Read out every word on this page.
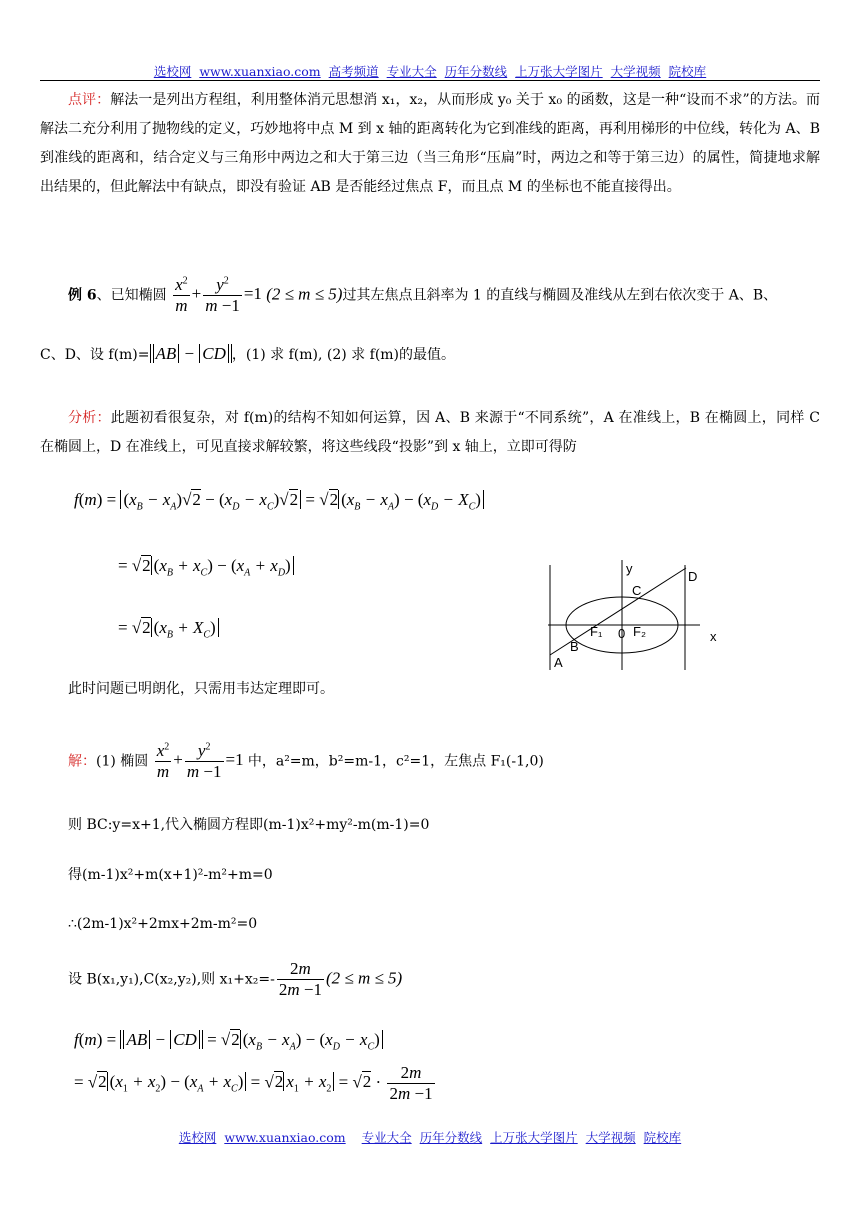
选校网 www.xuanxiao.com 高考频道 专业大全 历年分数线 上万张大学图片 大学视频 院校库
点评：解法一是列出方程组，利用整体消元思想消 x₁，x₂，从而形成 y₀ 关于 x₀ 的函数，这是一种“设而不求”的方法。而解法二充分利用了抛物线的定义，巧妙地将中点 M 到 x 轴的距离转化为它到准线的距离，再利用梯形的中位线，转化为 A、B 到准线的距离和，结合定义与三角形中两边之和大于第三边（当三角形“压扁”时，两边之和等于第三边）的属性，简捷地求解出结果的，但此解法中有缺点，即没有验证 AB 是否能经过焦点 F，而且点 M 的坐标也不能直接得出。
例 6、已知椭圆 $\frac{x^2}{m} + \frac{y^2}{m -1} =1$ (2 ≤ m ≤ 5)过其左焦点且斜率为 1 的直线与椭圆及准线从左到右依次变于 A、B、
C、D、设 f(m)= AB − CD ，(1) 求 f(m), (2) 求 f(m)的最值。
分析：此题初看很复杂，对 f(m)的结构不知如何运算，因 A、B 来源于“不同系统”，A 在准线上，B 在椭圆上，同样 C 在椭圆上，D 在准线上，可见直接求解较繁，将这些线段“投影”到 x 轴上，立即可得防
$f(m) = (x_B - x_A)√2 - (x_D - x_C)√2 = √2$ $(x_B - x_A) - (x_D - X_C)$
= √2 $(x_B + x_C) - (x_A + x_D)$
= √2 $(x_B + X_C)$
y
D
C
F₁ 0 F₂	x
B
A
此时问题已明朗化，只需用韦达定理即可。
解：(1) 椭圆 $\frac{x^2}{m} + \frac{y^2}{m -1} =1$ 中，a²=m，b²=m-1，c²=1，左焦点 F₁(-1,0)
则 BC:y=x+1,代入椭圆方程即(m-1)x²+my²-m(m-1)=0
得(m-1)x²+m(x+1)²-m²+m=0
∴(2m-1)x²+2mx+2m-m²=0
设 B(x₁,y₁),C(x₂,y₂),则 $x_1+x_2=- \frac{2m}{2m -1} (2 \le m \le 5)$
f(m) = AB − CD = √2 $(x_B - x_A) - (x_D - x_C)$
= √2 $(x_1 + x_2) - (x_A + x_C) = √2$ $x_1 + x_2 = √2 \cdot \frac{2m}{2m -1}$
选校网 www.xuanxiao.com 专业大全 历年分数线 上万张大学图片 大学视频 院校库
